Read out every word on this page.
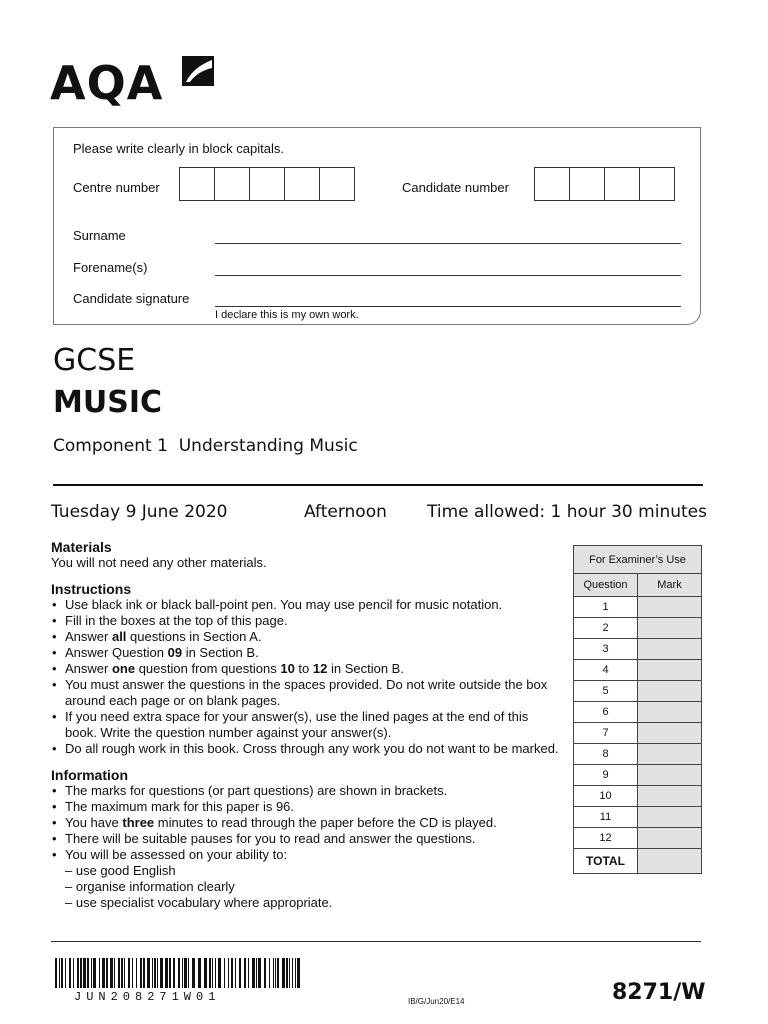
AQA
Please write clearly in block capitals.
Centre number	Candidate number
Surname
Forename(s)
Candidate signature
I declare this is my own work.
GCSE
MUSIC
Component 1  Understanding Music
Tuesday 9 June 2020	Afternoon Time allowed: 1 hour 30 minutes
Materials
You will not need any other materials.
Instructions
• Use black ink or black ball-point pen. You may use pencil for music notation.
• Fill in the boxes at the top of this page.
• Answer all questions in Section A.
• Answer Question 09 in Section B.
• Answer one question from questions 10 to 12 in Section B.
• You must answer the questions in the spaces provided. Do not write outside the box around each page or on blank pages.
• If you need extra space for your answer(s), use the lined pages at the end of this book. Write the question number against your answer(s).
• Do all rough work in this book. Cross through any work you do not want to be marked.
Information
• The marks for questions (or part questions) are shown in brackets.
• The maximum mark for this paper is 96.
• You have three minutes to read through the paper before the CD is played.
• There will be suitable pauses for you to read and answer the questions.
• You will be assessed on your ability to:
– use good English
– organise information clearly
– use specialist vocabulary where appropriate.
For Examiner’s Use	
Question	Mark
1	
2	
3	
4	
5	
6	
7	
8	
9	
10	
11	
12	
TOTAL	
JUN208271W01	IB/G/Jun20/E14	8271/W
